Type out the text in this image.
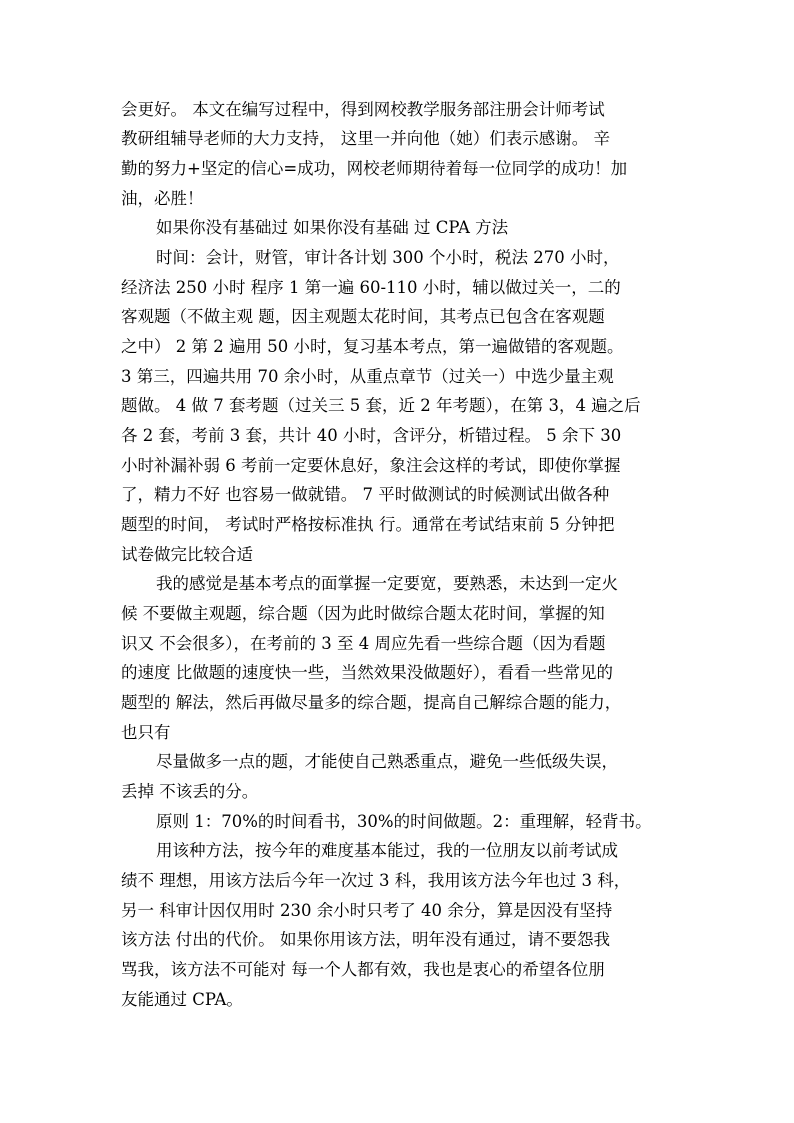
会更好。 本文在编写过程中，得到网校教学服务部注册会计师考试
教研组辅导老师的大力支持， 这里一并向他（她）们表示感谢。 辛
勤的努力+坚定的信心=成功，网校老师期待着每一位同学的成功！加
油，必胜！
如果你没有基础过 如果你没有基础 过 CPA 方法
时间：会计，财管，审计各计划 300 个小时，税法 270 小时，
经济法 250 小时 程序 1 第一遍 60-110 小时，辅以做过关一，二的
客观题（不做主观 题，因主观题太花时间，其考点已包含在客观题
之中） 2 第 2 遍用 50 小时，复习基本考点，第一遍做错的客观题。
3 第三，四遍共用 70 余小时，从重点章节（过关一）中选少量主观
题做。 4 做 7 套考题（过关三 5 套，近 2 年考题），在第 3，4 遍之后
各 2 套，考前 3 套，共计 40 小时，含评分，析错过程。 5 余下 30
小时补漏补弱 6 考前一定要休息好，象注会这样的考试，即使你掌握
了，精力不好 也容易一做就错。 7 平时做测试的时候测试出做各种
题型的时间， 考试时严格按标准执 行。通常在考试结束前 5 分钟把
试卷做完比较合适
我的感觉是基本考点的面掌握一定要宽，要熟悉，未达到一定火
候 不要做主观题，综合题（因为此时做综合题太花时间，掌握的知
识又 不会很多），在考前的 3 至 4 周应先看一些综合题（因为看题
的速度 比做题的速度快一些，当然效果没做题好），看看一些常见的
题型的 解法，然后再做尽量多的综合题，提高自己解综合题的能力，
也只有
尽量做多一点的题，才能使自己熟悉重点，避免一些低级失误，
丢掉 不该丢的分。
原则 1：70%的时间看书，30%的时间做题。2：重理解，轻背书。
用该种方法，按今年的难度基本能过，我的一位朋友以前考试成
绩不 理想，用该方法后今年一次过 3 科，我用该方法今年也过 3 科，
另一 科审计因仅用时 230 余小时只考了 40 余分，算是因没有坚持
该方法 付出的代价。 如果你用该方法，明年没有通过，请不要怨我
骂我，该方法不可能对 每一个人都有效，我也是衷心的希望各位朋
友能通过 CPA。
